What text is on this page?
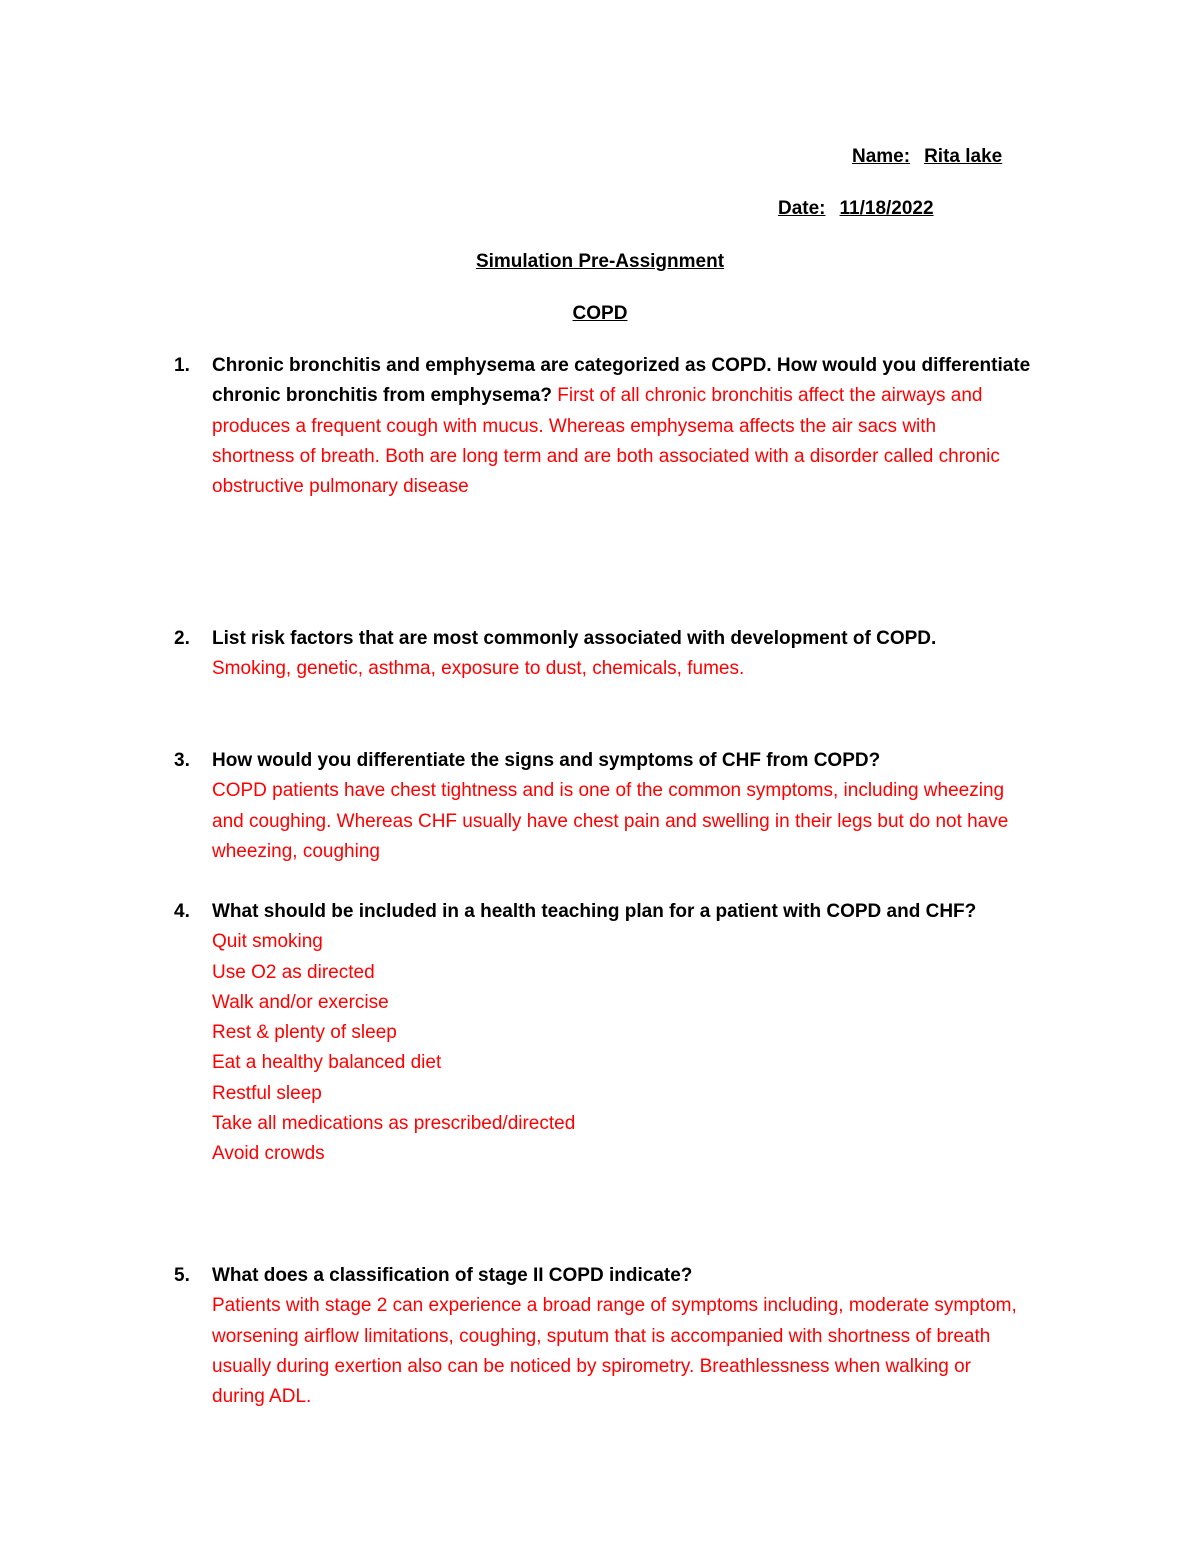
Name: Rita lake
Date: 11/18/2022
Simulation Pre-Assignment
COPD
1. Chronic bronchitis and emphysema are categorized as COPD. How would you differentiate
chronic bronchitis from emphysema? First of all chronic bronchitis affect the airways and
produces a frequent cough with mucus. Whereas emphysema affects the air sacs with
shortness of breath. Both are long term and are both associated with a disorder called chronic
obstructive pulmonary disease
2. List risk factors that are most commonly associated with development of COPD.
Smoking, genetic, asthma, exposure to dust, chemicals, fumes.
3. How would you differentiate the signs and symptoms of CHF from COPD?
COPD patients have chest tightness and is one of the common symptoms, including wheezing
and coughing. Whereas CHF usually have chest pain and swelling in their legs but do not have
wheezing, coughing
4. What should be included in a health teaching plan for a patient with COPD and CHF?
Quit smoking
Use O2 as directed
Walk and/or exercise
Rest & plenty of sleep
Eat a healthy balanced diet
Restful sleep
Take all medications as prescribed/directed
Avoid crowds
5. What does a classification of stage II COPD indicate?
Patients with stage 2 can experience a broad range of symptoms including, moderate symptom,
worsening airflow limitations, coughing, sputum that is accompanied with shortness of breath
usually during exertion also can be noticed by spirometry. Breathlessness when walking or
during ADL.
